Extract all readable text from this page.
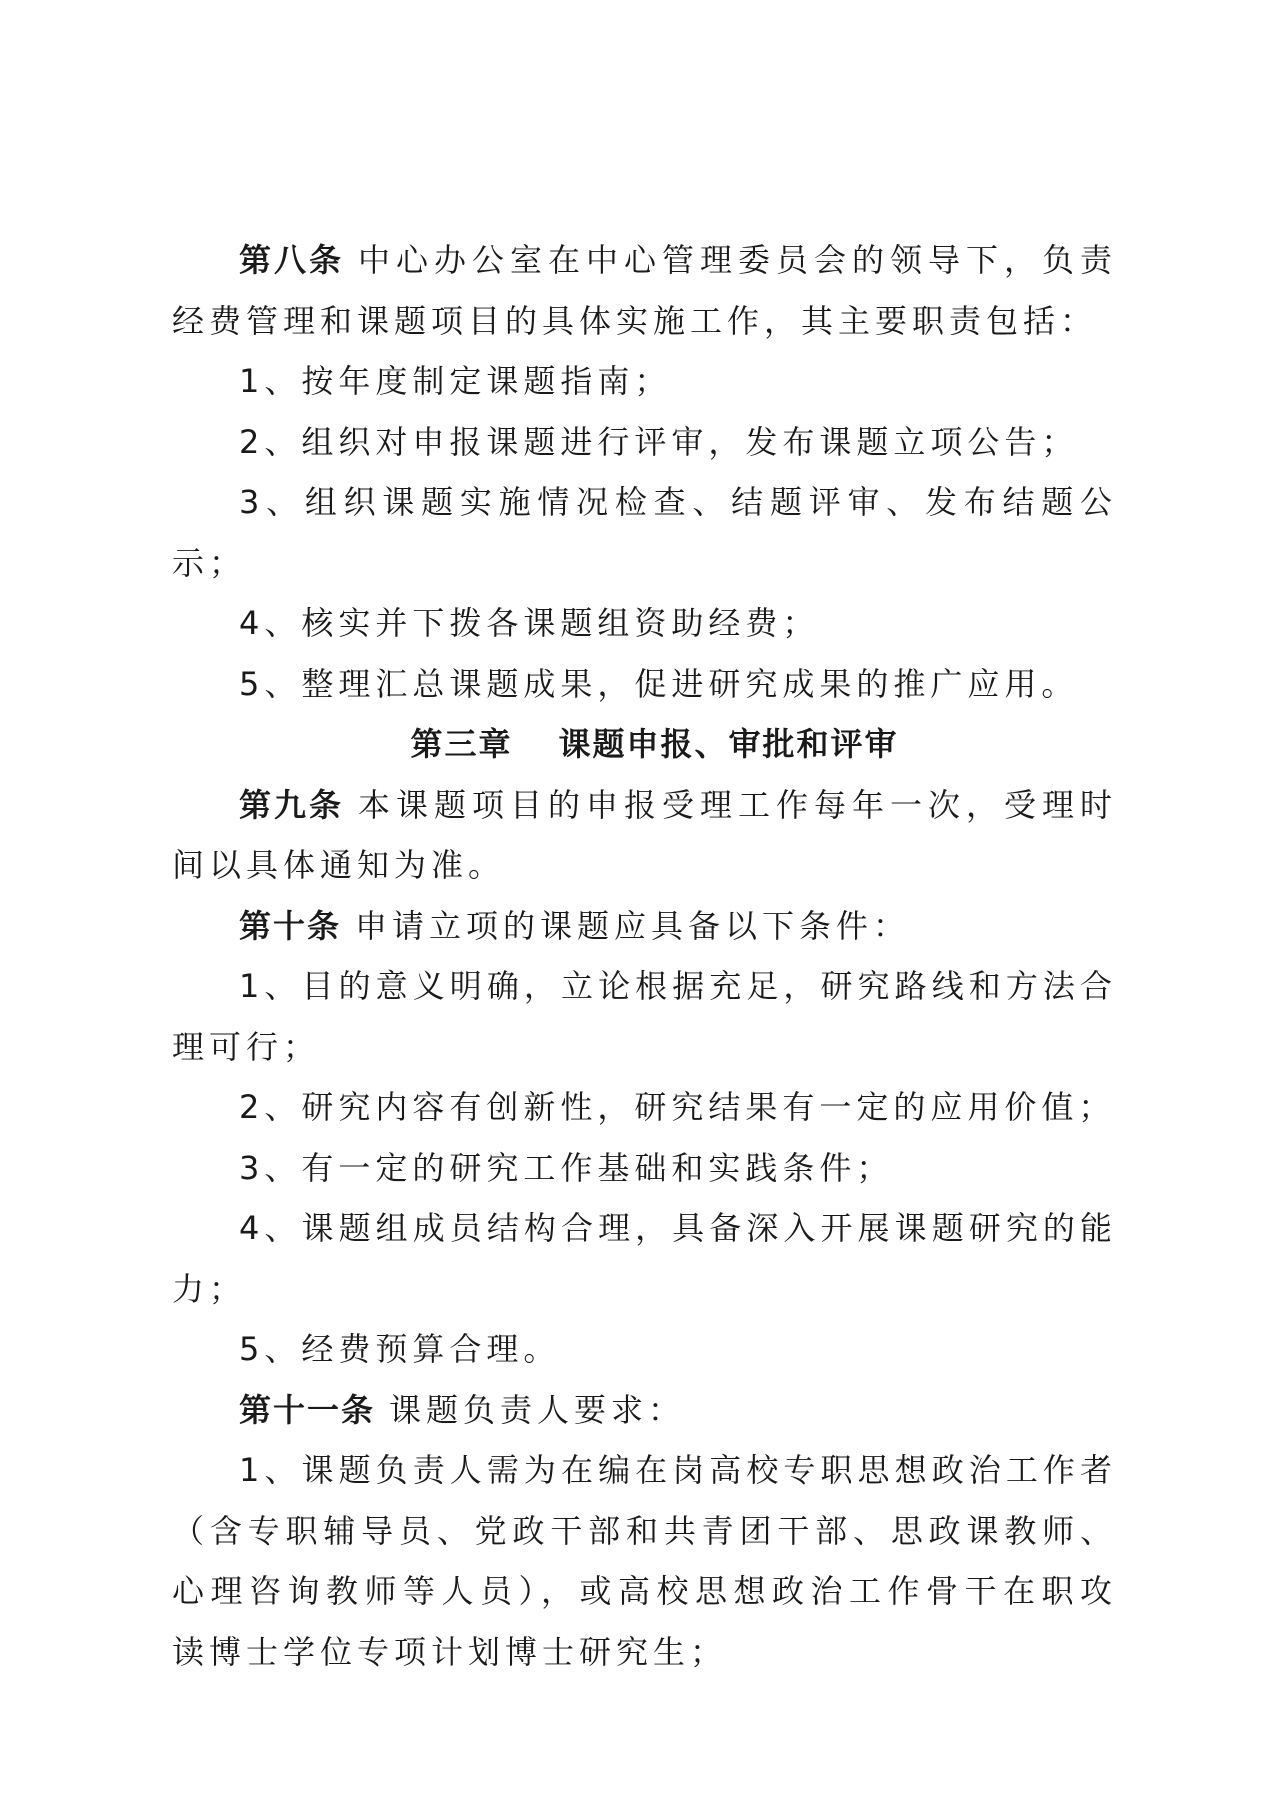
第八条 中心办公室在中心管理委员会的领导下，负责经费管理和课题项目的具体实施工作，其主要职责包括：

1、按年度制定课题指南；

2、组织对申报课题进行评审，发布课题立项公告；

3、组织课题实施情况检查、结题评审、发布结题公示；

4、核实并下拨各课题组资助经费；

5、整理汇总课题成果，促进研究成果的推广应用。

第三章 课题申报、审批和评审

第九条 本课题项目的申报受理工作每年一次，受理时间以具体通知为准。

第十条 申请立项的课题应具备以下条件：

1、目的意义明确，立论根据充足，研究路线和方法合理可行；

2、研究内容有创新性，研究结果有一定的应用价值；

3、有一定的研究工作基础和实践条件；

4、课题组成员结构合理，具备深入开展课题研究的能力；

5、经费预算合理。

第十一条 课题负责人要求：

1、课题负责人需为在编在岗高校专职思想政治工作者（含专职辅导员、党政干部和共青团干部、思政课教师、心理咨询教师等人员），或高校思想政治工作骨干在职攻读博士学位专项计划博士研究生；
